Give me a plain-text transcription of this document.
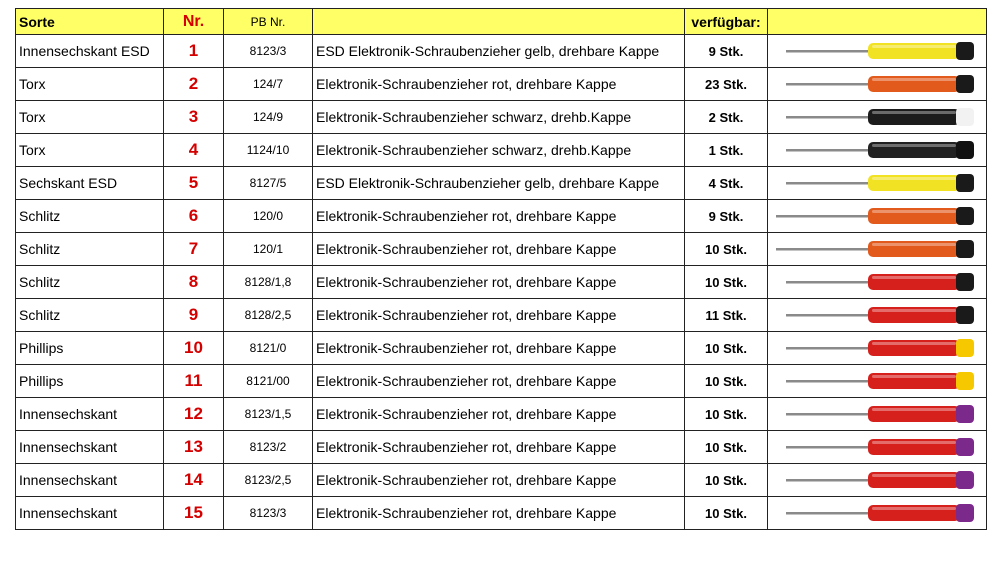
Sorte	Nr.	PB Nr.		verfügbar:	
Innensechskant ESD	1	8123/3	ESD Elektronik-Schraubenzieher gelb, drehbare Kappe	9 Stk.	

Torx	2	124/7	Elektronik-Schraubenzieher rot, drehbare Kappe	23 Stk.	

Torx	3	124/9	Elektronik-Schraubenzieher schwarz, drehb.Kappe	2 Stk.	

Torx	4	1124/10	Elektronik-Schraubenzieher schwarz, drehb.Kappe	1 Stk.	

Sechskant ESD	5	8127/5	ESD Elektronik-Schraubenzieher gelb, drehbare Kappe	4 Stk.	

Schlitz	6	120/0	Elektronik-Schraubenzieher rot, drehbare Kappe	9 Stk.	

Schlitz	7	120/1	Elektronik-Schraubenzieher rot, drehbare Kappe	10 Stk.	

Schlitz	8	8128/1,8	Elektronik-Schraubenzieher rot, drehbare Kappe	10 Stk.	

Schlitz	9	8128/2,5	Elektronik-Schraubenzieher rot, drehbare Kappe	11 Stk.	

Phillips	10	8121/0	Elektronik-Schraubenzieher rot, drehbare Kappe	10 Stk.	

Phillips	11	8121/00	Elektronik-Schraubenzieher rot, drehbare Kappe	10 Stk.	

Innensechskant	12	8123/1,5	Elektronik-Schraubenzieher rot, drehbare Kappe	10 Stk.	

Innensechskant	13	8123/2	Elektronik-Schraubenzieher rot, drehbare Kappe	10 Stk.	

Innensechskant	14	8123/2,5	Elektronik-Schraubenzieher rot, drehbare Kappe	10 Stk.	

Innensechskant	15	8123/3	Elektronik-Schraubenzieher rot, drehbare Kappe	10 Stk.	
